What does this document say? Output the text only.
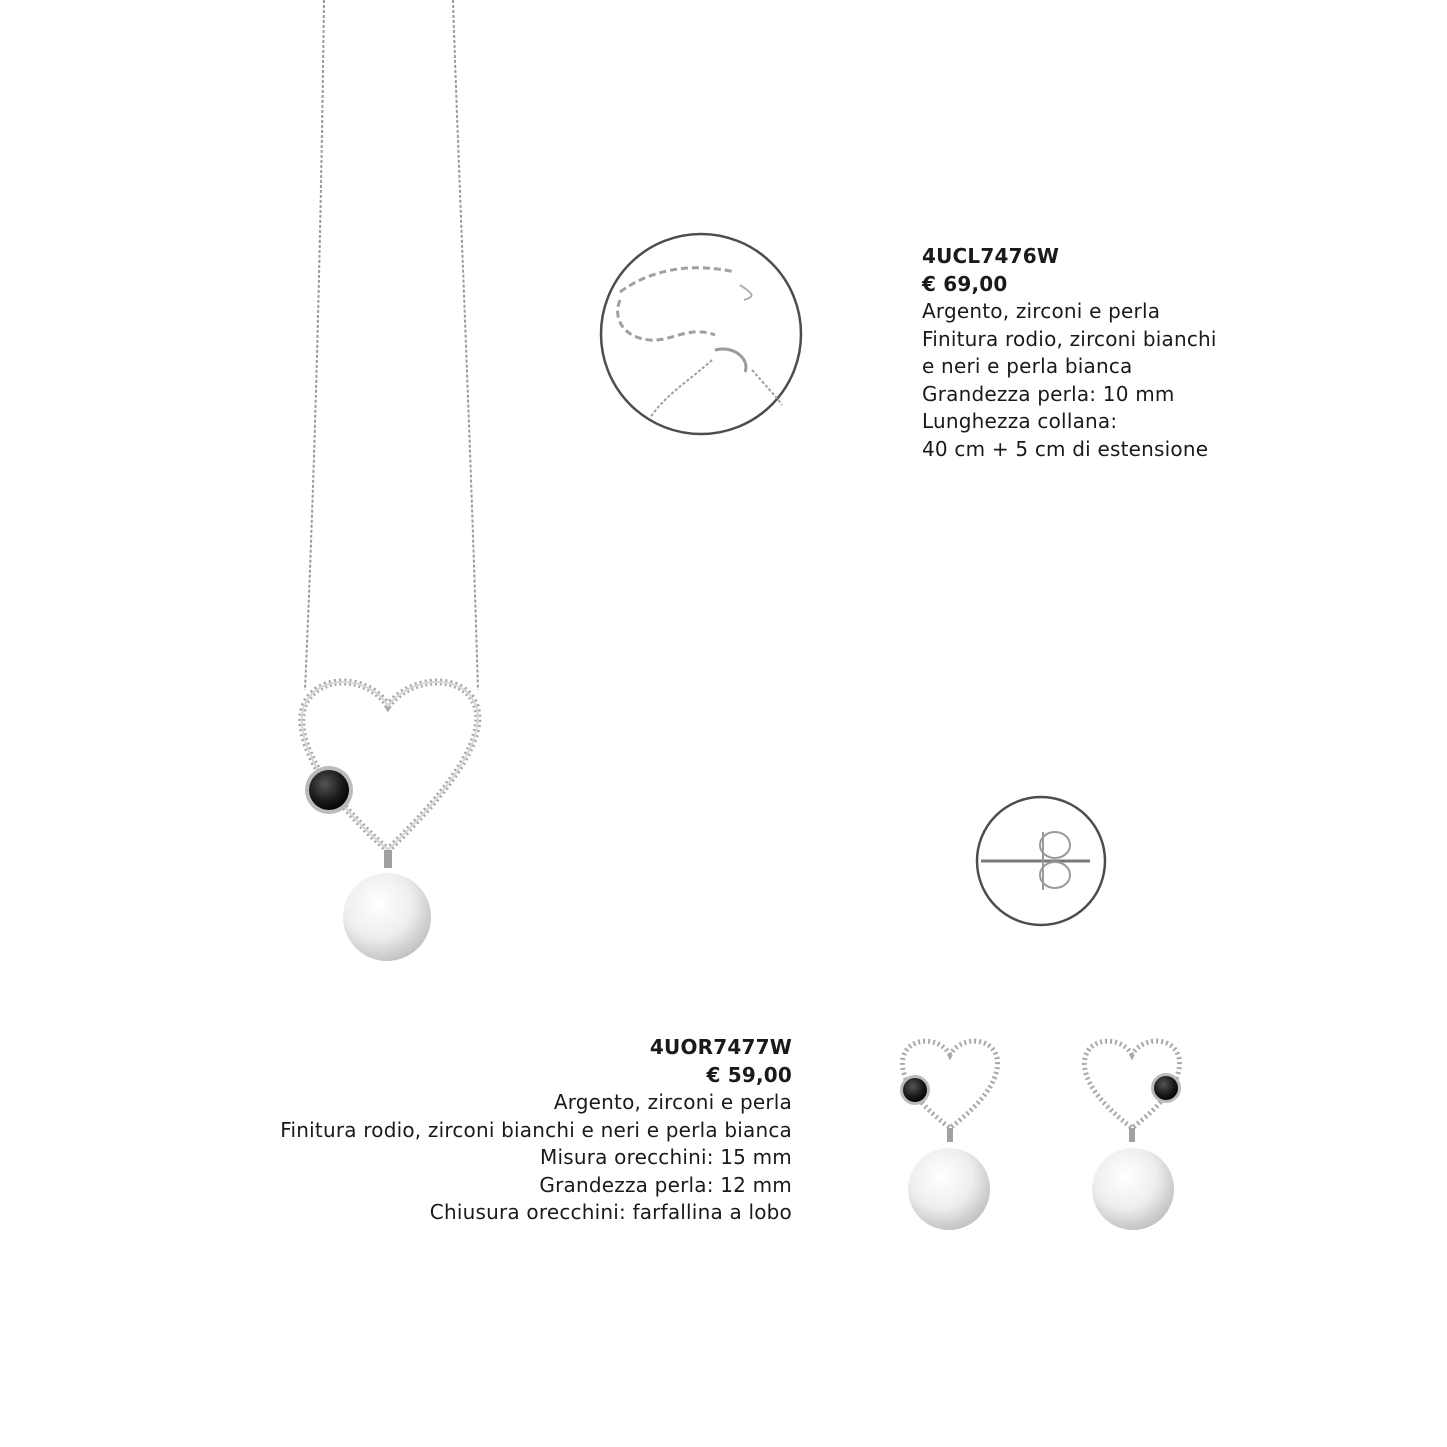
4UCL7476W
€ 69,00
Argento, zirconi e perla
Finitura rodio, zirconi bianchi
e neri e perla bianca
Grandezza perla: 10 mm
Lunghezza collana:
40 cm + 5 cm di estensione
4UOR7477W
€ 59,00
Argento, zirconi e perla
Finitura rodio, zirconi bianchi e neri e perla bianca
Misura orecchini: 15 mm
Grandezza perla: 12 mm
Chiusura orecchini: farfallina a lobo
